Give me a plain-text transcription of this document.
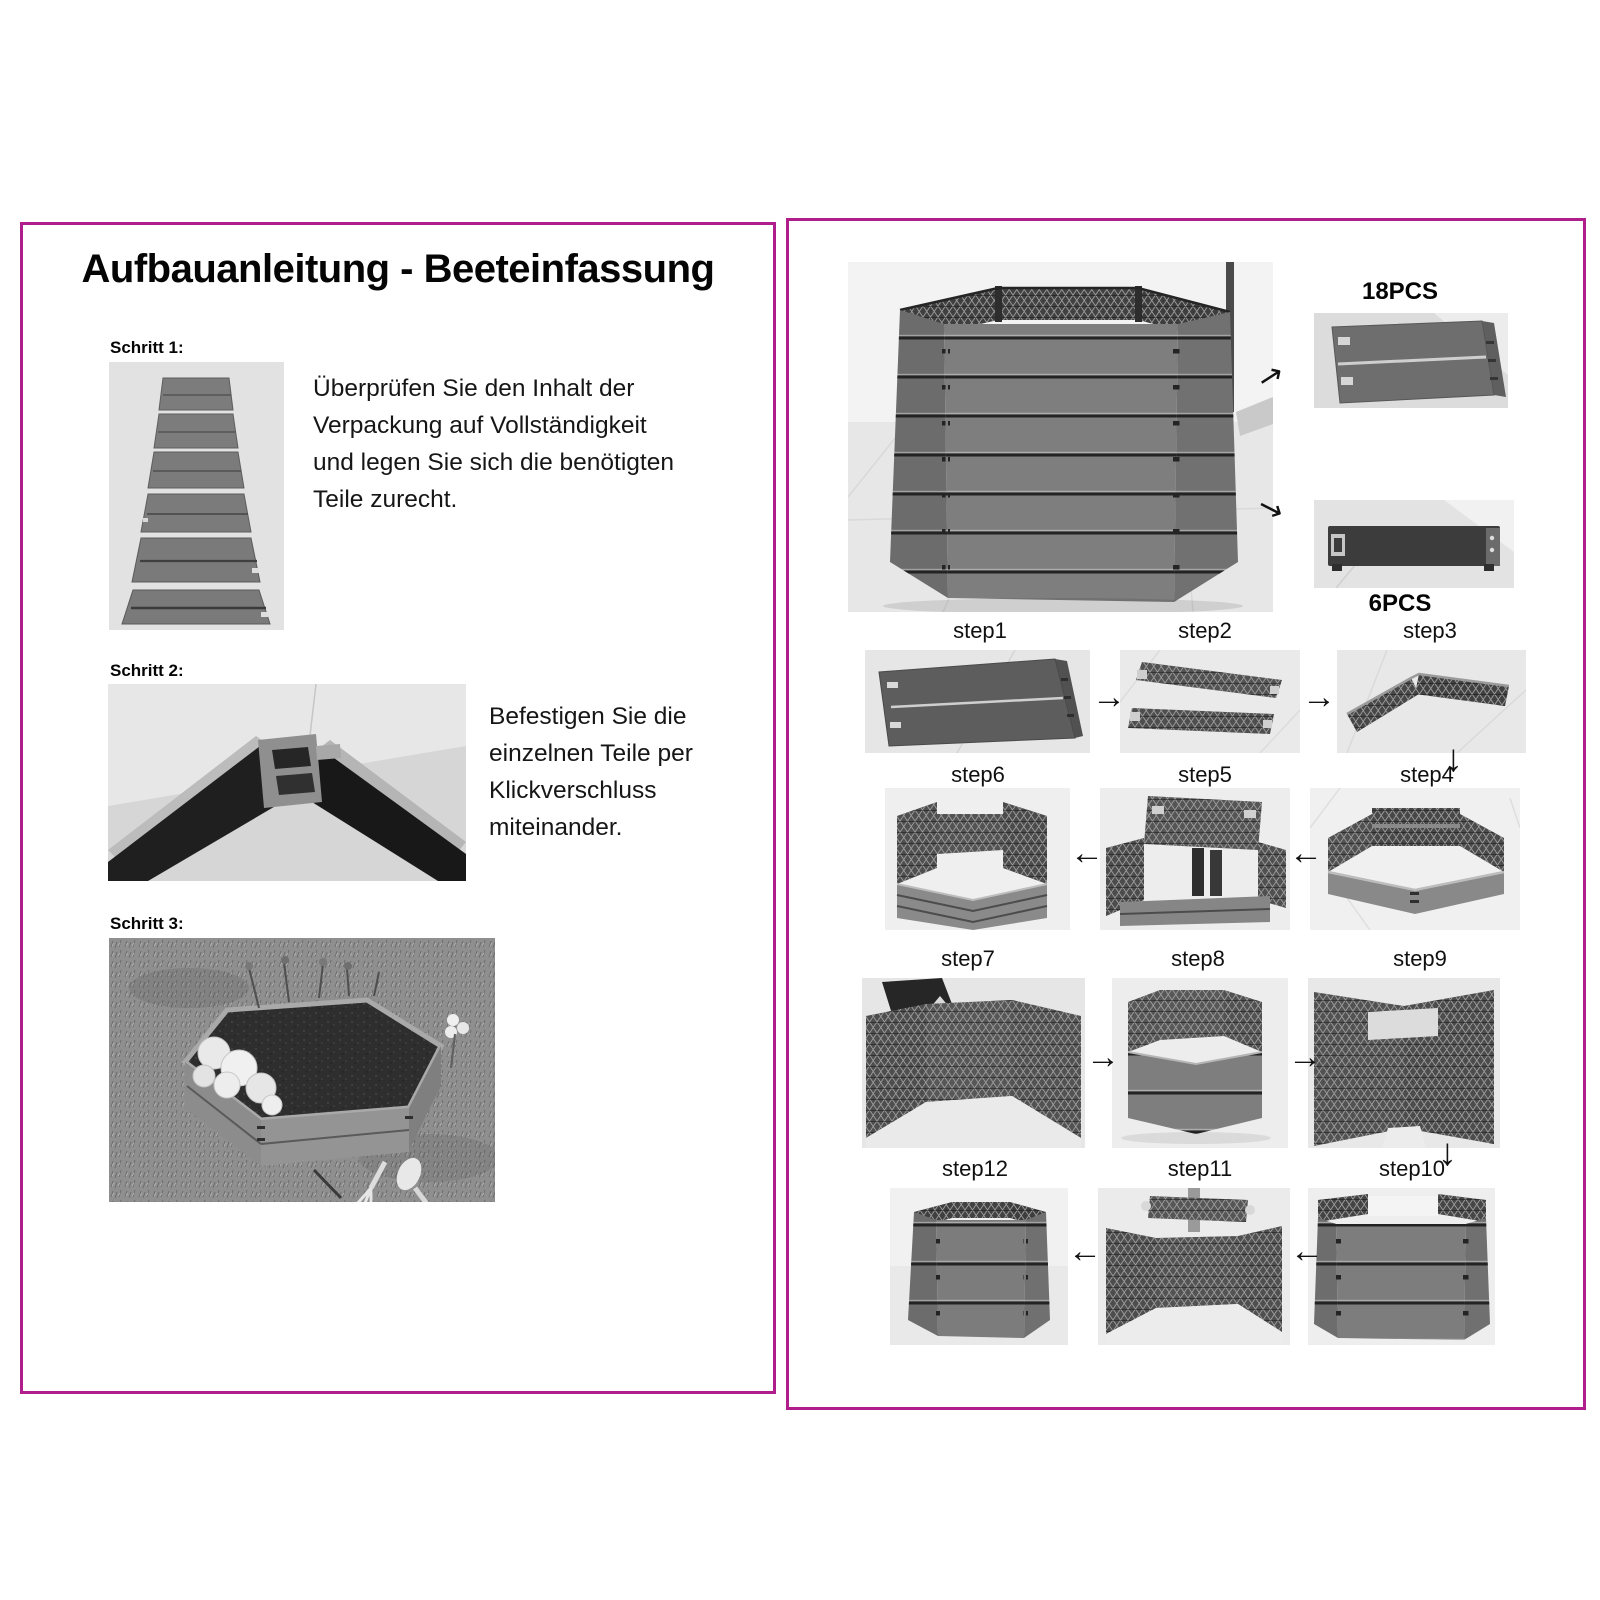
Aufbauanleitung - Beeteinfassung
Schritt 1:
Überprüfen Sie den Inhalt der Verpackung auf Vollständigkeit und legen Sie sich die benötigten Teile zurecht.
Schritt 2:
Befestigen Sie die einzelnen Teile per Klickverschluss miteinander.
Schritt 3:
18PCS
↗
↘
6PCS
step1	step2	step3
→	→
step6	step5	step4
↓
←	←
step7	step8	step9
→	→
step12	step11	step10
↓
←	←
